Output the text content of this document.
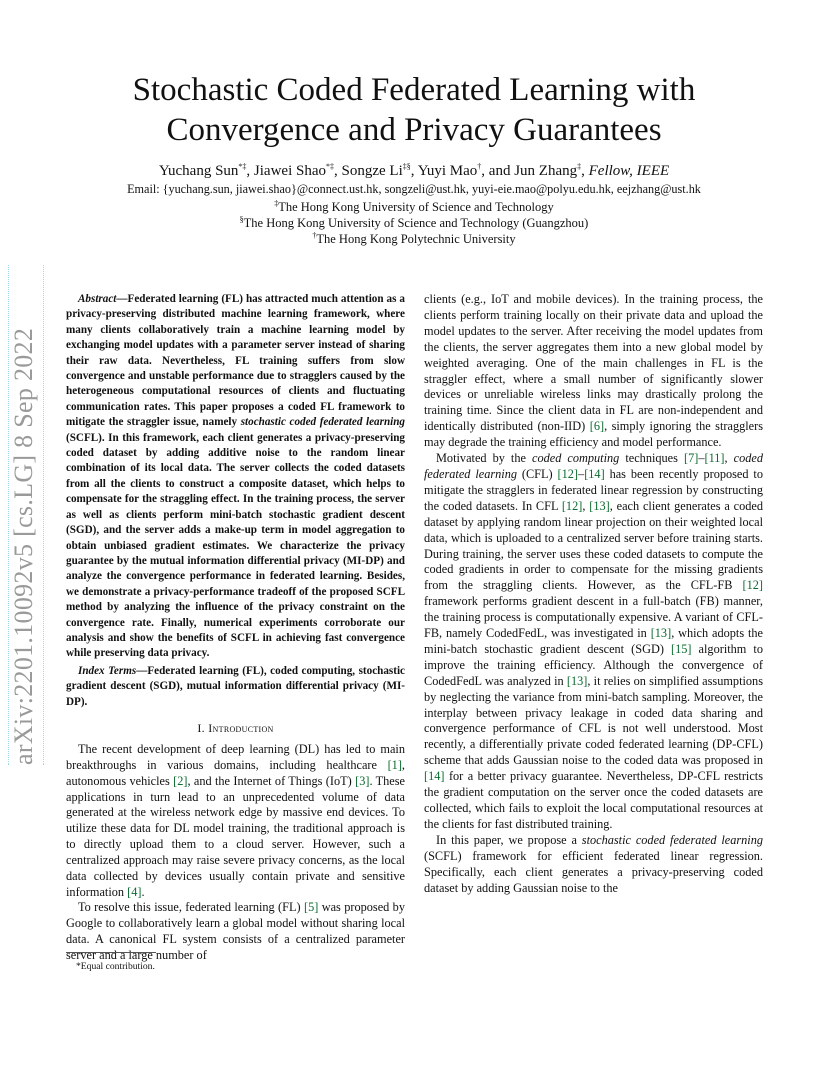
arXiv:2201.10092v5 [cs.LG] 8 Sep 2022
Stochastic Coded Federated Learning with
Convergence and Privacy Guarantees
Yuchang Sun*‡, Jiawei Shao*‡, Songze Li‡§, Yuyi Mao†, and Jun Zhang‡, Fellow, IEEE
Email: {yuchang.sun, jiawei.shao}@connect.ust.hk, songzeli@ust.hk, yuyi-eie.mao@polyu.edu.hk, eejzhang@ust.hk
‡The Hong Kong University of Science and Technology
§The Hong Kong University of Science and Technology (Guangzhou)
†The Hong Kong Polytechnic University

Abstract—Federated learning (FL) has attracted much attention as a privacy-preserving distributed machine learning framework, where many clients collaboratively train a machine learning model by exchanging model updates with a parameter server instead of sharing their raw data. Nevertheless, FL training suffers from slow convergence and unstable performance due to stragglers caused by the heterogeneous computational resources of clients and fluctuating communication rates. This paper proposes a coded FL framework to mitigate the straggler issue, namely stochastic coded federated learning (SCFL). In this framework, each client generates a privacy-preserving coded dataset by adding additive noise to the random linear combination of its local data. The server collects the coded datasets from all the clients to construct a composite dataset, which helps to compensate for the straggling effect. In the training process, the server as well as clients perform mini-batch stochastic gradient descent (SGD), and the server adds a make-up term in model aggregation to obtain unbiased gradient estimates. We characterize the privacy guarantee by the mutual information differential privacy (MI-DP) and analyze the convergence performance in federated learning. Besides, we demonstrate a privacy-performance tradeoff of the proposed SCFL method by analyzing the influence of the privacy constraint on the convergence rate. Finally, numerical experiments corroborate our analysis and show the benefits of SCFL in achieving fast convergence while preserving data privacy.

Index Terms—Federated learning (FL), coded computing, stochastic gradient descent (SGD), mutual information differential privacy (MI-DP).

I. Introduction

The recent development of deep learning (DL) has led to main breakthroughs in various domains, including healthcare [1], autonomous vehicles [2], and the Internet of Things (IoT) [3]. These applications in turn lead to an unprecedented volume of data generated at the wireless network edge by massive end devices. To utilize these data for DL model training, the traditional approach is to directly upload them to a cloud server. However, such a centralized approach may raise severe privacy concerns, as the local data collected by devices usually contain private and sensitive information [4].

To resolve this issue, federated learning (FL) [5] was proposed by Google to collaboratively learn a global model without sharing local data. A canonical FL system consists of a centralized parameter server and a large number of

clients (e.g., IoT and mobile devices). In the training process, the clients perform training locally on their private data and upload the model updates to the server. After receiving the model updates from the clients, the server aggregates them into a new global model by weighted averaging. One of the main challenges in FL is the straggler effect, where a small number of significantly slower devices or unreliable wireless links may drastically prolong the training time. Since the client data in FL are non-independent and identically distributed (non-IID) [6], simply ignoring the stragglers may degrade the training efficiency and model performance.

Motivated by the coded computing techniques [7]–[11], coded federated learning (CFL) [12]–[14] has been recently proposed to mitigate the stragglers in federated linear regression by constructing the coded datasets. In CFL [12], [13], each client generates a coded dataset by applying random linear projection on their weighted local data, which is uploaded to a centralized server before training starts. During training, the server uses these coded datasets to compute the coded gradients in order to compensate for the missing gradients from the straggling clients. However, as the CFL-FB [12] framework performs gradient descent in a full-batch (FB) manner, the training process is computationally expensive. A variant of CFL-FB, namely CodedFedL, was investigated in [13], which adopts the mini-batch stochastic gradient descent (SGD) [15] algorithm to improve the training efficiency. Although the convergence of CodedFedL was analyzed in [13], it relies on simplified assumptions by neglecting the variance from mini-batch sampling. Moreover, the interplay between privacy leakage in coded data sharing and convergence performance of CFL is not well understood. Most recently, a differentially private coded federated learning (DP-CFL) scheme that adds Gaussian noise to the coded data was proposed in [14] for a better privacy guarantee. Nevertheless, DP-CFL restricts the gradient computation on the server once the coded datasets are collected, which fails to exploit the local computational resources at the clients for fast distributed training.

In this paper, we propose a stochastic coded federated learning (SCFL) framework for efficient federated linear regression. Specifically, each client generates a privacy-preserving coded dataset by adding Gaussian noise to the

*Equal contribution.
